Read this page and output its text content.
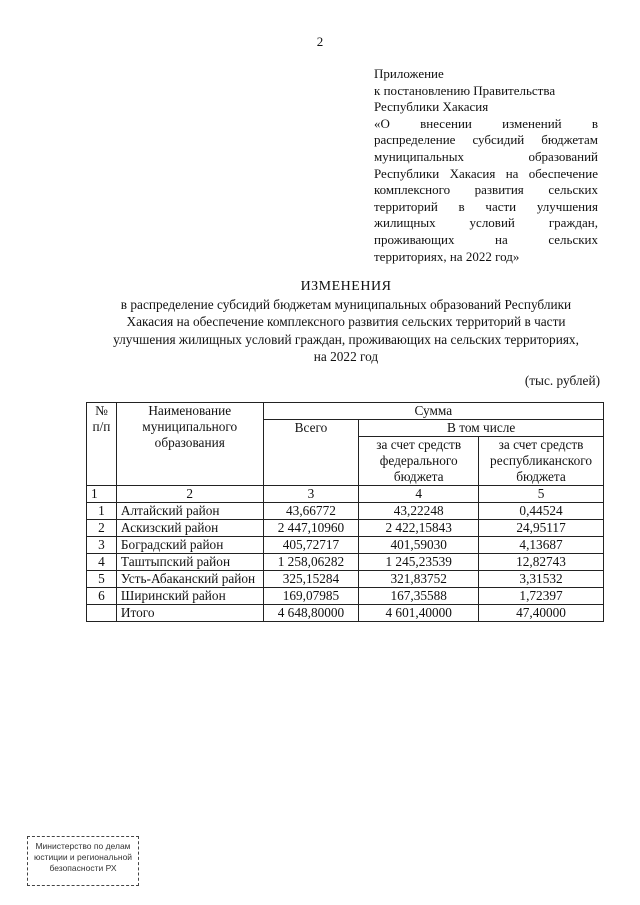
2
Приложение
к постановлению Правительства
Республики Хакасия
«О внесении изменений в
распределение субсидий бюджетам
муниципальных образований
Республики Хакасия на обеспечение
комплексного развития сельских
территорий в части улучшения
жилищных условий граждан,
проживающих на сельских
территориях, на 2022 год»
ИЗМЕНЕНИЯ
в распределение субсидий бюджетам муниципальных образований Республики
Хакасия на обеспечение комплексного развития сельских территорий в части
улучшения жилищных условий граждан, проживающих на сельских территориях,
на 2022 год
(тыс. рублей)
№ п/п	Наименование муниципального образования	Сумма		
		Всего	В том числе	
			за счет средств федерального бюджета	за счет средств республиканского бюджета
1	2	3	4	5
1	Алтайский район	43,66772	43,22248	0,44524
2	Аскизский район	2 447,10960	2 422,15843	24,95117
3	Боградский район	405,72717	401,59030	4,13687
4	Таштыпский район	1 258,06282	1 245,23539	12,82743
5	Усть-Абаканский район	325,15284	321,83752	3,31532
6	Ширинский район	169,07985	167,35588	1,72397
	Итого	4 648,80000	4 601,40000	47,40000
Министерство по делам
юстиции и региональной
безопасности РХ
